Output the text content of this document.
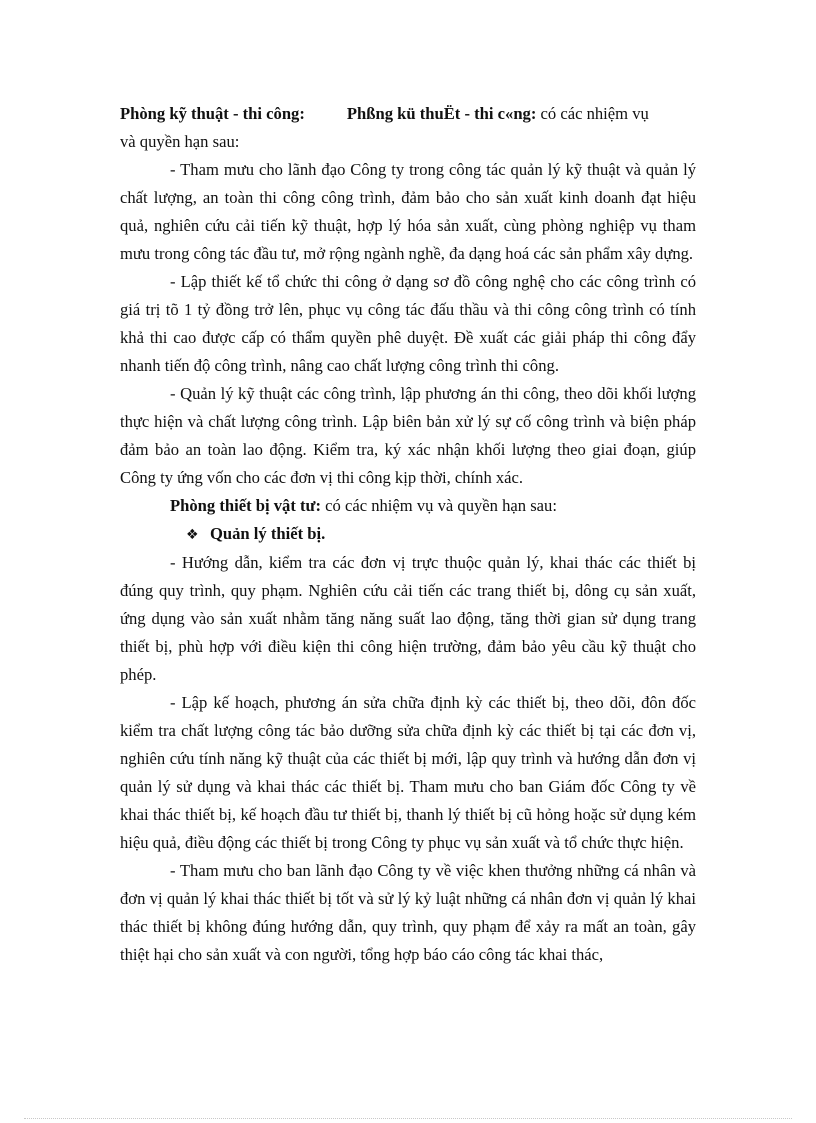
Phòng kỹ thuật - thi công:	Phßng kü thuËt - thi c«ng: có các nhiệm vụ

và quyền hạn sau:

- Tham mưu cho lãnh đạo Công ty trong công tác quản lý kỹ thuật và quản lý chất lượng, an toàn thi công công trình, đảm bảo cho sản xuất kinh doanh đạt hiệu quả, nghiên cứu cải tiến kỹ thuật, hợp lý hóa sản xuất, cùng phòng nghiệp vụ tham mưu trong công tác đầu tư, mở rộng ngành nghề, đa dạng hoá các sản phẩm xây dựng.

- Lập thiết kế tổ chức thi công ở dạng sơ đồ công nghệ cho các công trình có giá trị tõ 1 tỷ đồng trở lên, phục vụ công tác đấu thầu và thi công công trình có tính khả thi cao được cấp có thẩm quyền phê duyệt. Đề xuất các giải pháp thi công đẩy nhanh tiến độ công trình, nâng cao chất lượng công trình thi công.

- Quản lý kỹ thuật các công trình, lập phương án thi công, theo dõi khối lượng thực hiện và chất lượng công trình. Lập biên bản xử lý sự cố công trình và biện pháp đảm bảo an toàn lao động. Kiểm tra, ký xác nhận khối lượng theo giai đoạn, giúp Công ty ứng vốn cho các đơn vị thi công kịp thời, chính xác.

Phòng thiết bị vật tư: có các nhiệm vụ và quyền hạn sau:

❖ Quản lý thiết bị.

- Hướng dẫn, kiểm tra các đơn vị trực thuộc quản lý, khai thác các thiết bị đúng quy trình, quy phạm. Nghiên cứu cải tiến các trang thiết bị, dông cụ sản xuất, ứng dụng vào sản xuất nhằm tăng năng suất lao động, tăng thời gian sử dụng trang thiết bị, phù hợp với điều kiện thi công hiện trường, đảm bảo yêu cầu kỹ thuật cho phép.

- Lập kế hoạch, phương án sửa chữa định kỳ các thiết bị, theo dõi, đôn đốc kiểm tra chất lượng công tác bảo dưỡng sửa chữa định kỳ các thiết bị tại các đơn vị, nghiên cứu tính năng kỹ thuật của các thiết bị mới, lập quy trình và hướng dẫn đơn vị quản lý sử dụng và khai thác các thiết bị. Tham mưu cho ban Giám đốc Công ty về khai thác thiết bị, kế hoạch đầu tư thiết bị, thanh lý thiết bị cũ hỏng hoặc sử dụng kém hiệu quả, điều động các thiết bị trong Công ty phục vụ sản xuất và tổ chức thực hiện.

- Tham mưu cho ban lãnh đạo Công ty về việc khen thưởng những cá nhân và đơn vị quản lý khai thác thiết bị tốt và sử lý kỷ luật những cá nhân đơn vị quản lý khai thác thiết bị không đúng hướng dẫn, quy trình, quy phạm để xảy ra mất an toàn, gây thiệt hại cho sản xuất và con người, tổng hợp báo cáo công tác khai thác,
